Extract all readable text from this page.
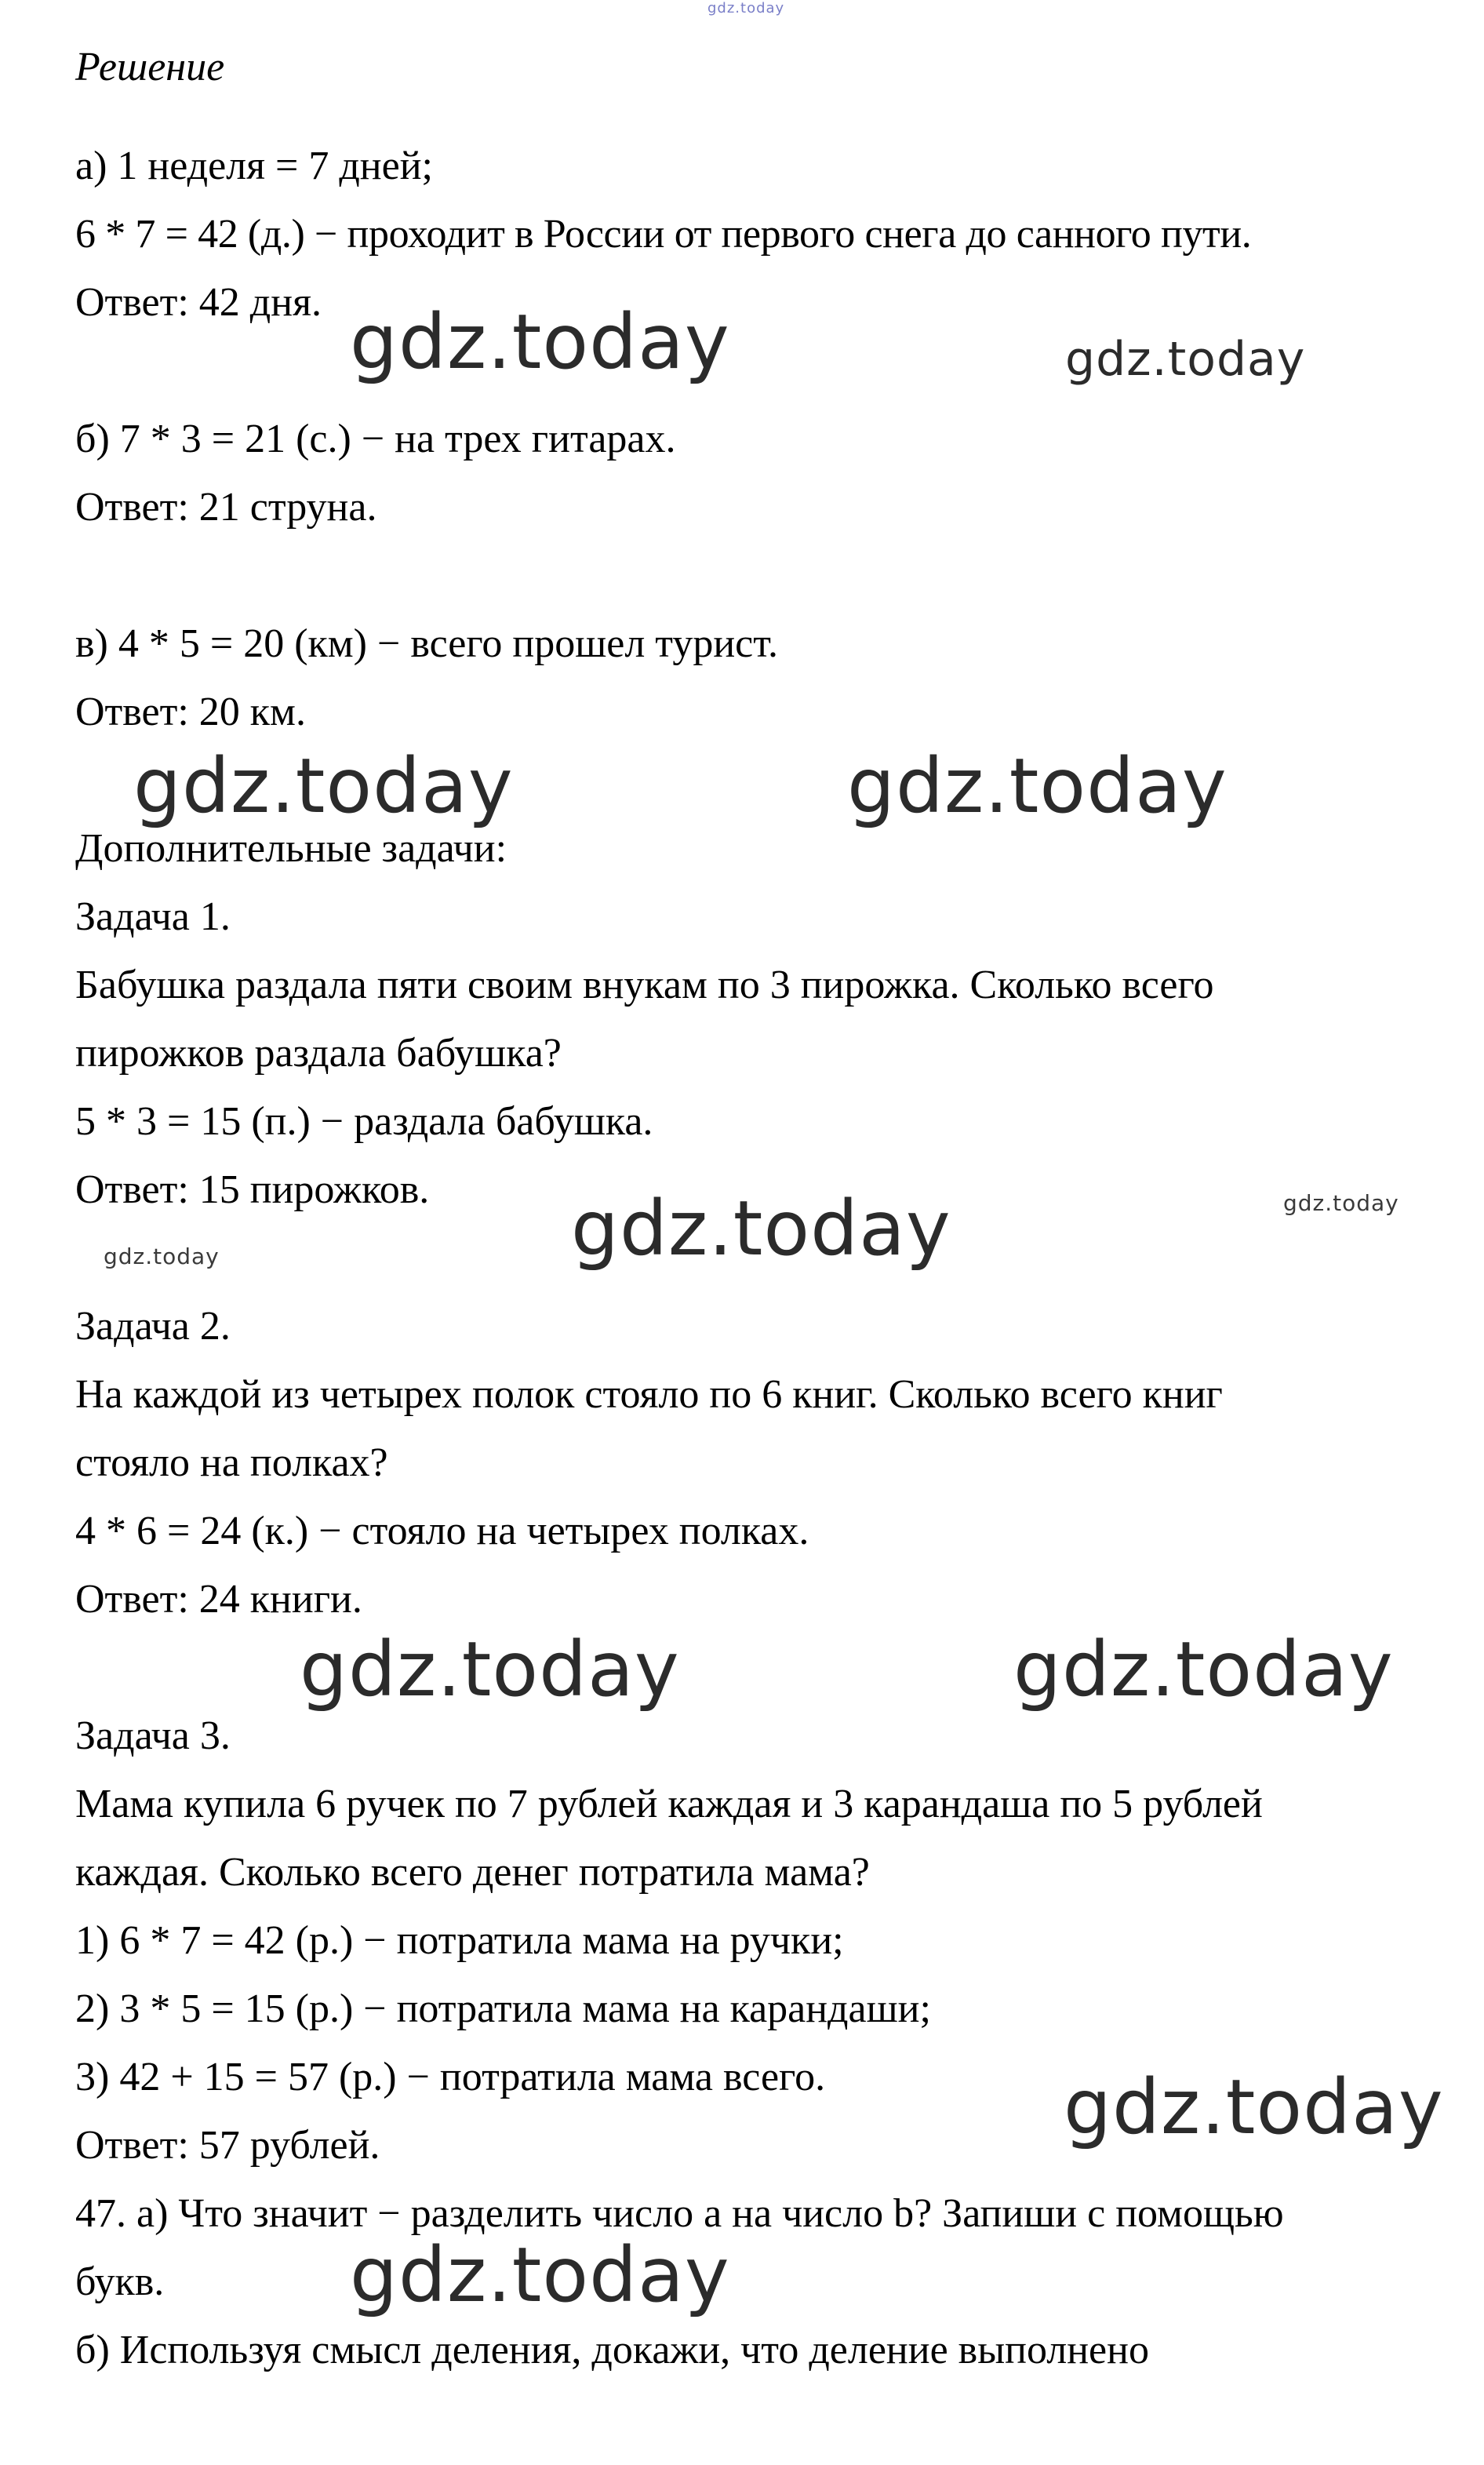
Решение
а) 1 неделя = 7 дней;
6 * 7 = 42 (д.) − проходит в России от первого снега до санного пути.
Ответ: 42 дня.
б) 7 * 3 = 21 (с.) − на трех гитарах.
Ответ: 21 струна.
в) 4 * 5 = 20 (км) − всего прошел турист.
Ответ: 20 км.
Дополнительные задачи:
Задача 1.
Бабушка раздала пяти своим внукам по 3 пирожка. Сколько всего
пирожков раздала бабушка?
5 * 3 = 15 (п.) − раздала бабушка.
Ответ: 15 пирожков.
Задача 2.
На каждой из четырех полок стояло по 6 книг. Сколько всего книг
стояло на полках?
4 * 6 = 24 (к.) − стояло на четырех полках.
Ответ: 24 книги.
Задача 3.
Мама купила 6 ручек по 7 рублей каждая и 3 карандаша по 5 рублей
каждая. Сколько всего денег потратила мама?
1) 6 * 7 = 42 (р.) − потратила мама на ручки;
2) 3 * 5 = 15 (р.) − потратила мама на карандаши;
3) 42 + 15 = 57 (р.) − потратила мама всего.
Ответ: 57 рублей.
47. а) Что значит − разделить число a на число b? Запиши с помощью
букв.
б) Используя смысл деления, докажи, что деление выполнено
gdz.today
gdz.today	gdz.today
gdz.today	gdz.today
gdz.today	gdz.today
gdz.today
gdz.today	gdz.today
gdz.today
gdz.today
